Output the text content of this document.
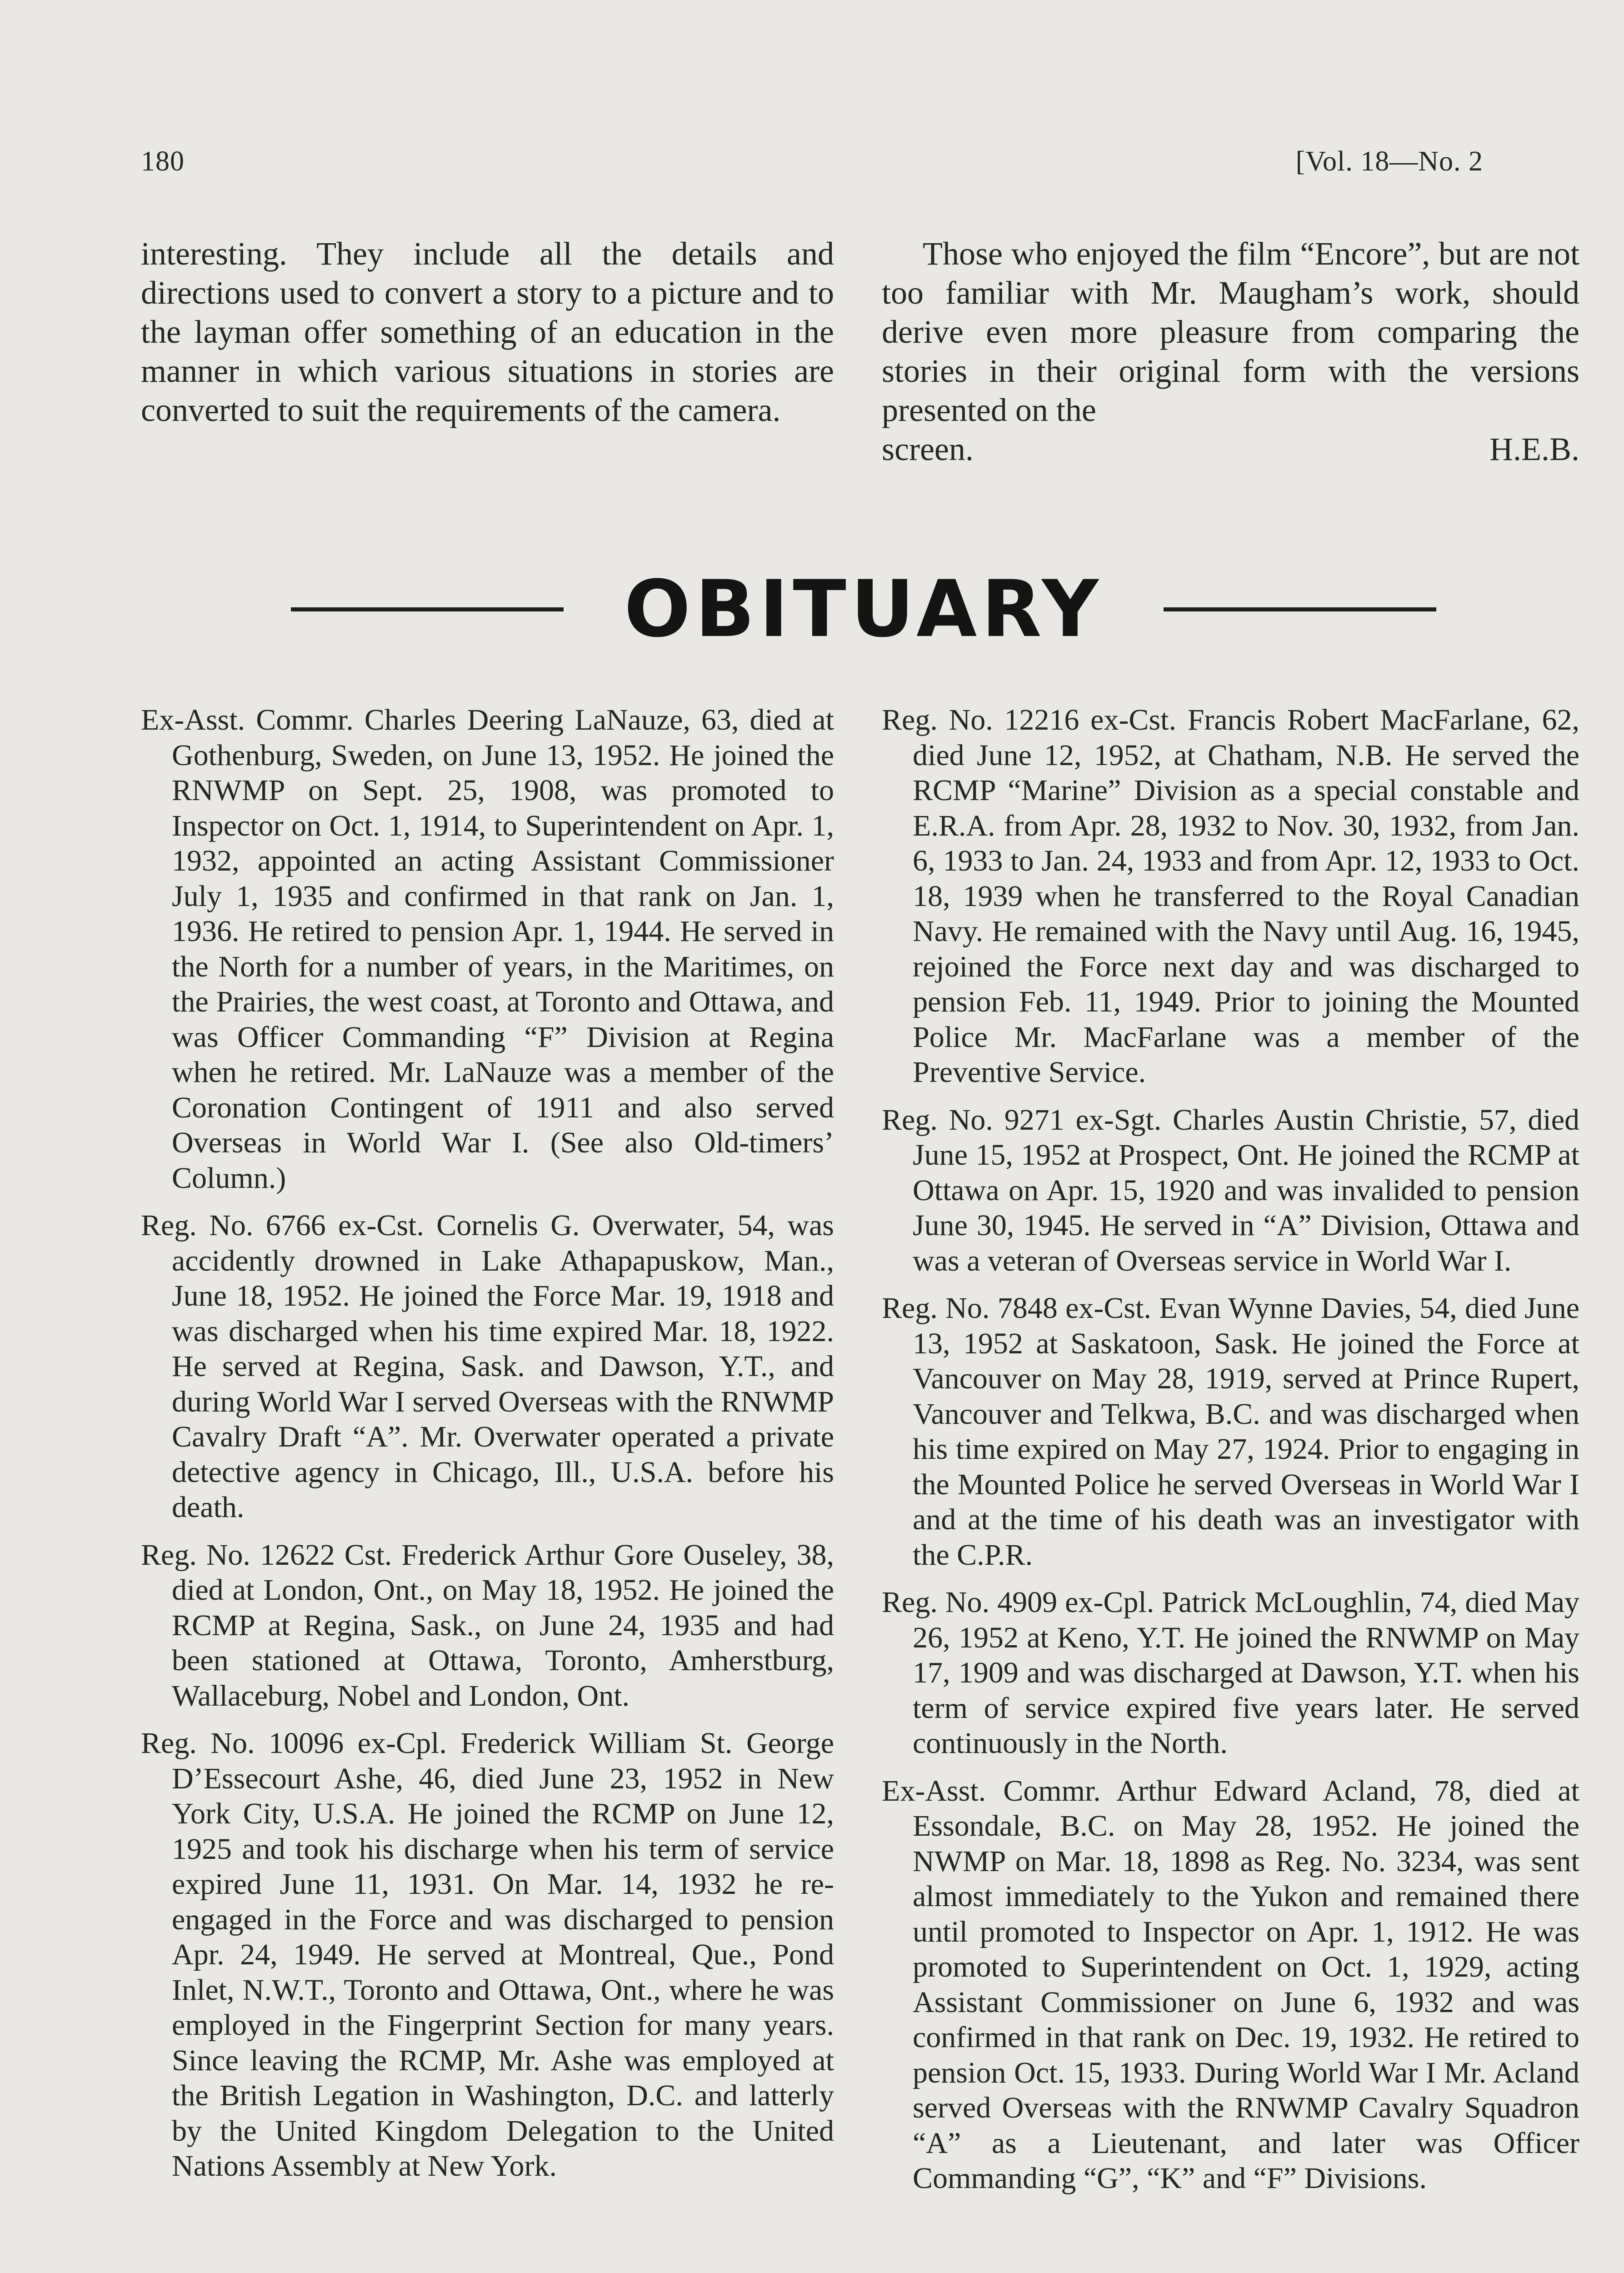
180	[Vol. 18—No. 2

interesting. They include all the details and directions used to convert a story to a picture and to the layman offer something of an education in the manner in which various situations in stories are converted to suit the requirements of the camera.

Those who enjoyed the film “Encore”, but are not too familiar with Mr. Maugham’s work, should derive even more pleasure from comparing the stories in their original form with the versions presented on the

screen.	H.E.B.
OBITUARY

Ex-Asst. Commr. Charles Deering LaNauze, 63, died at Gothenburg, Sweden, on June 13, 1952. He joined the RNWMP on Sept. 25, 1908, was promoted to Inspector on Oct. 1, 1914, to Superintendent on Apr. 1, 1932, appointed an acting Assistant Commissioner July 1, 1935 and confirmed in that rank on Jan. 1, 1936. He retired to pension Apr. 1, 1944. He served in the North for a number of years, in the Maritimes, on the Prairies, the west coast, at Toronto and Ottawa, and was Officer Commanding “F” Division at Regina when he retired. Mr. LaNauze was a member of the Coronation Contingent of 1911 and also served Overseas in World War I. (See also Old-timers’ Column.)

Reg. No. 6766 ex-Cst. Cornelis G. Overwater, 54, was accidently drowned in Lake Athapapuskow, Man., June 18, 1952. He joined the Force Mar. 19, 1918 and was discharged when his time expired Mar. 18, 1922. He served at Regina, Sask. and Dawson, Y.T., and during World War I served Overseas with the RNWMP Cavalry Draft “A”. Mr. Overwater operated a private detective agency in Chicago, Ill., U.S.A. before his death.

Reg. No. 12622 Cst. Frederick Arthur Gore Ouseley, 38, died at London, Ont., on May 18, 1952. He joined the RCMP at Regina, Sask., on June 24, 1935 and had been stationed at Ottawa, Toronto, Amherstburg, Wallaceburg, Nobel and London, Ont.

Reg. No. 10096 ex-Cpl. Frederick William St. George D’Essecourt Ashe, 46, died June 23, 1952 in New York City, U.S.A. He joined the RCMP on June 12, 1925 and took his discharge when his term of service expired June 11, 1931. On Mar. 14, 1932 he re-engaged in the Force and was discharged to pension Apr. 24, 1949. He served at Montreal, Que., Pond Inlet, N.W.T., Toronto and Ottawa, Ont., where he was employed in the Fingerprint Section for many years. Since leaving the RCMP, Mr. Ashe was employed at the British Legation in Washington, D.C. and latterly by the United Kingdom Delegation to the United Nations Assembly at New York.

Reg. No. 12216 ex-Cst. Francis Robert MacFarlane, 62, died June 12, 1952, at Chatham, N.B. He served the RCMP “Marine” Division as a special constable and E.R.A. from Apr. 28, 1932 to Nov. 30, 1932, from Jan. 6, 1933 to Jan. 24, 1933 and from Apr. 12, 1933 to Oct. 18, 1939 when he transferred to the Royal Canadian Navy. He remained with the Navy until Aug. 16, 1945, rejoined the Force next day and was discharged to pension Feb. 11, 1949. Prior to joining the Mounted Police Mr. MacFarlane was a member of the Preventive Service.

Reg. No. 9271 ex-Sgt. Charles Austin Christie, 57, died June 15, 1952 at Prospect, Ont. He joined the RCMP at Ottawa on Apr. 15, 1920 and was invalided to pension June 30, 1945. He served in “A” Division, Ottawa and was a veteran of Overseas service in World War I.

Reg. No. 7848 ex-Cst. Evan Wynne Davies, 54, died June 13, 1952 at Saskatoon, Sask. He joined the Force at Vancouver on May 28, 1919, served at Prince Rupert, Vancouver and Telkwa, B.C. and was discharged when his time expired on May 27, 1924. Prior to engaging in the Mounted Police he served Overseas in World War I and at the time of his death was an investigator with the C.P.R.

Reg. No. 4909 ex-Cpl. Patrick McLoughlin, 74, died May 26, 1952 at Keno, Y.T. He joined the RNWMP on May 17, 1909 and was discharged at Dawson, Y.T. when his term of service expired five years later. He served continuously in the North.

Ex-Asst. Commr. Arthur Edward Acland, 78, died at Essondale, B.C. on May 28, 1952. He joined the NWMP on Mar. 18, 1898 as Reg. No. 3234, was sent almost immediately to the Yukon and remained there until promoted to Inspector on Apr. 1, 1912. He was promoted to Superintendent on Oct. 1, 1929, acting Assistant Commissioner on June 6, 1932 and was confirmed in that rank on Dec. 19, 1932. He retired to pension Oct. 15, 1933. During World War I Mr. Acland served Overseas with the RNWMP Cavalry Squadron “A” as a Lieutenant, and later was Officer Commanding “G”, “K” and “F” Divisions.
